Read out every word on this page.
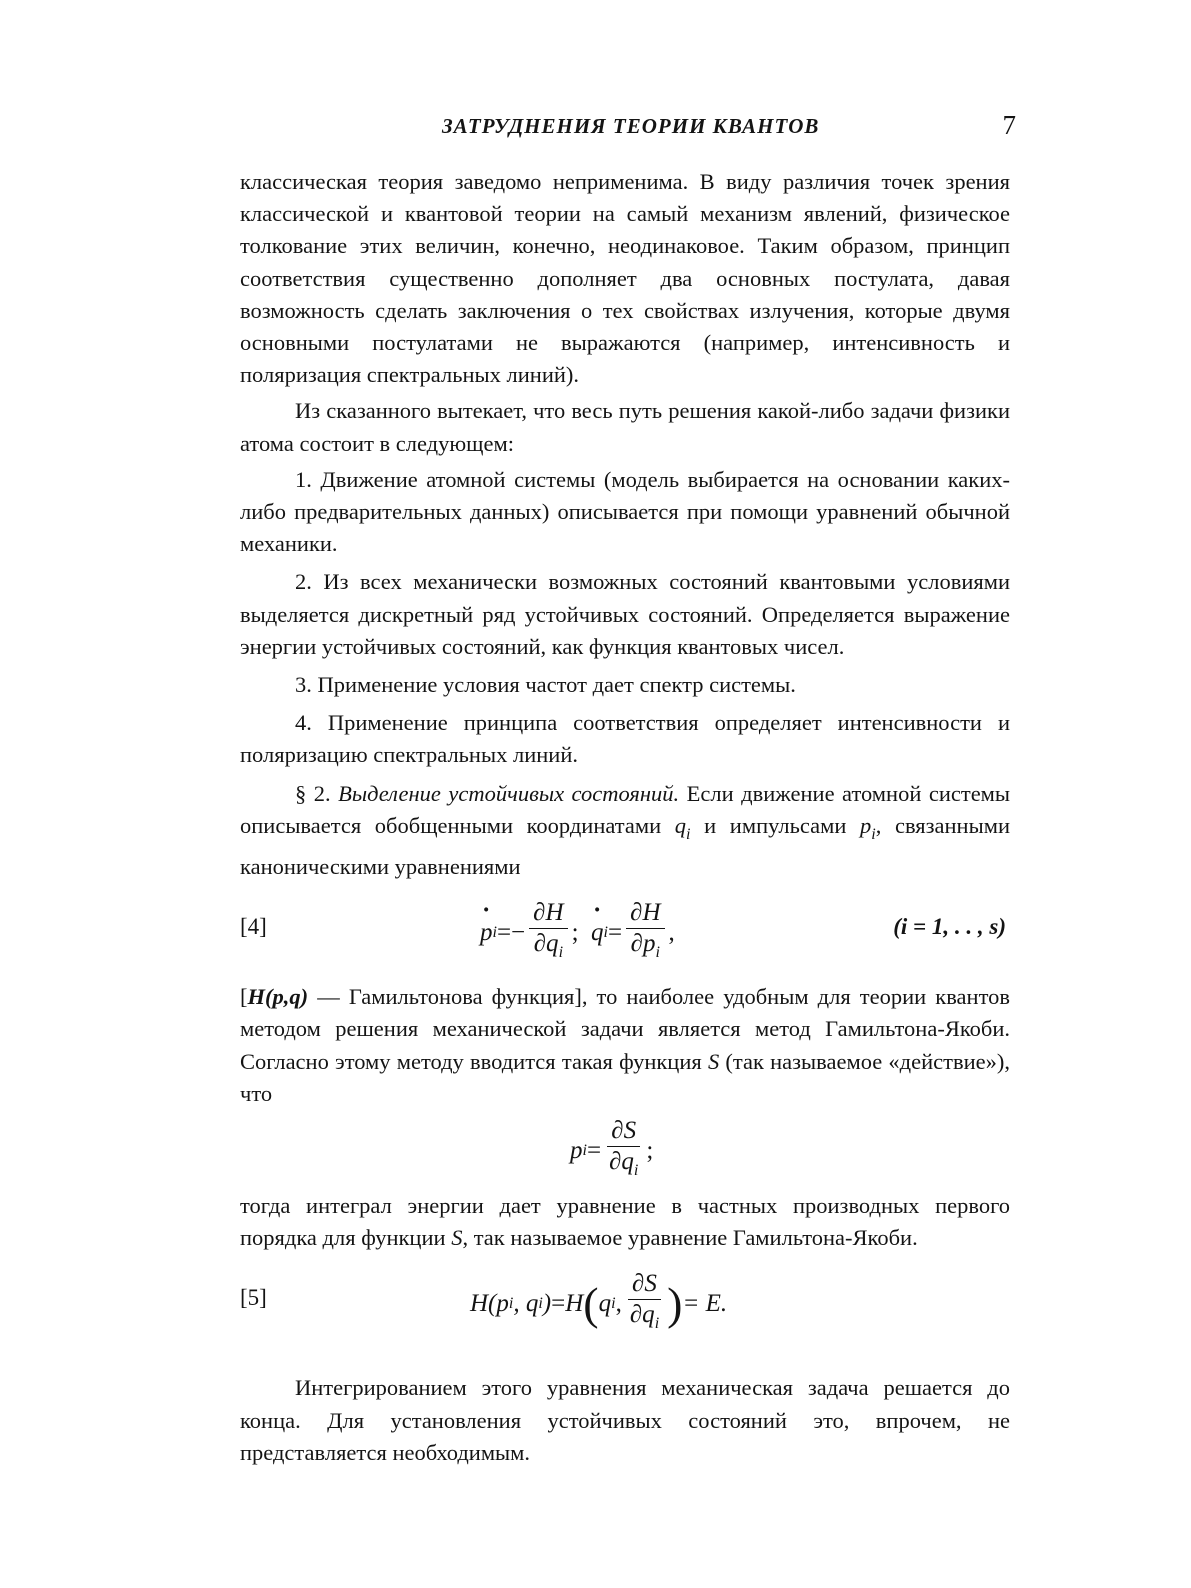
ЗАТРУДНЕНИЯ ТЕОРИИ КВАНТОВ	7

классическая теория заведомо неприменима. В виду различия точек зрения классической и квантовой теории на самый механизм явлений, физическое толкование этих величин, конечно, неодинаковое. Таким образом, принцип соответствия существенно дополняет два основных постулата, давая возможность сделать заключения о тех свойствах излучения, которые двумя основными постулатами не выражаются (например, интенсивность и поляризация спектральных линий).

Из сказанного вытекает, что весь путь решения какой-либо задачи физики атома состоит в следующем:

1. Движение атомной системы (модель выбирается на основании каких-либо предварительных данных) описывается при помощи уравнений обычной механики.

2. Из всех механически возможных состояний квантовыми условиями выделяется дискретный ряд устойчивых состояний. Определяется выражение энергии устойчивых состояний, как функция квантовых чисел.

3. Применение условия частот дает спектр системы.

4. Применение принципа соответствия определяет интенсивности и поляризацию спектральных линий.

§ 2. Выделение устойчивых состояний. Если движение атомной системы описывается обобщенными координатами $q_i$ и импульсами $p_i$, связанными каноническими уравнениями

[4]	· p $i =- \frac{\partial H}{\partial q_i}$ ;
· q $i = \frac{\partial H}{\partial p_i}$ ,	(i = 1, . . , s)

[H(p,q) — Гамильтонова функция], то наиболее удобным для теории квантов методом решения механической задачи является метод Гамильтона-Якоби. Согласно этому методу вводится такая функция S (так называемое «действие»), что

p $i = \frac{\partial S}{\partial q_i}$ ;

тогда интеграл энергии дает уравнение в частных производных первого порядка для функции S, так называемое уравнение Гамильтона-Якоби.

[5]	H(p i , q i ) = H ( q i , $\frac{\partial S}{\partial q_i}$ ) = E.

Интегрированием этого уравнения механическая задача решается до конца. Для установления устойчивых состояний это, впрочем, не представляется необходимым.
